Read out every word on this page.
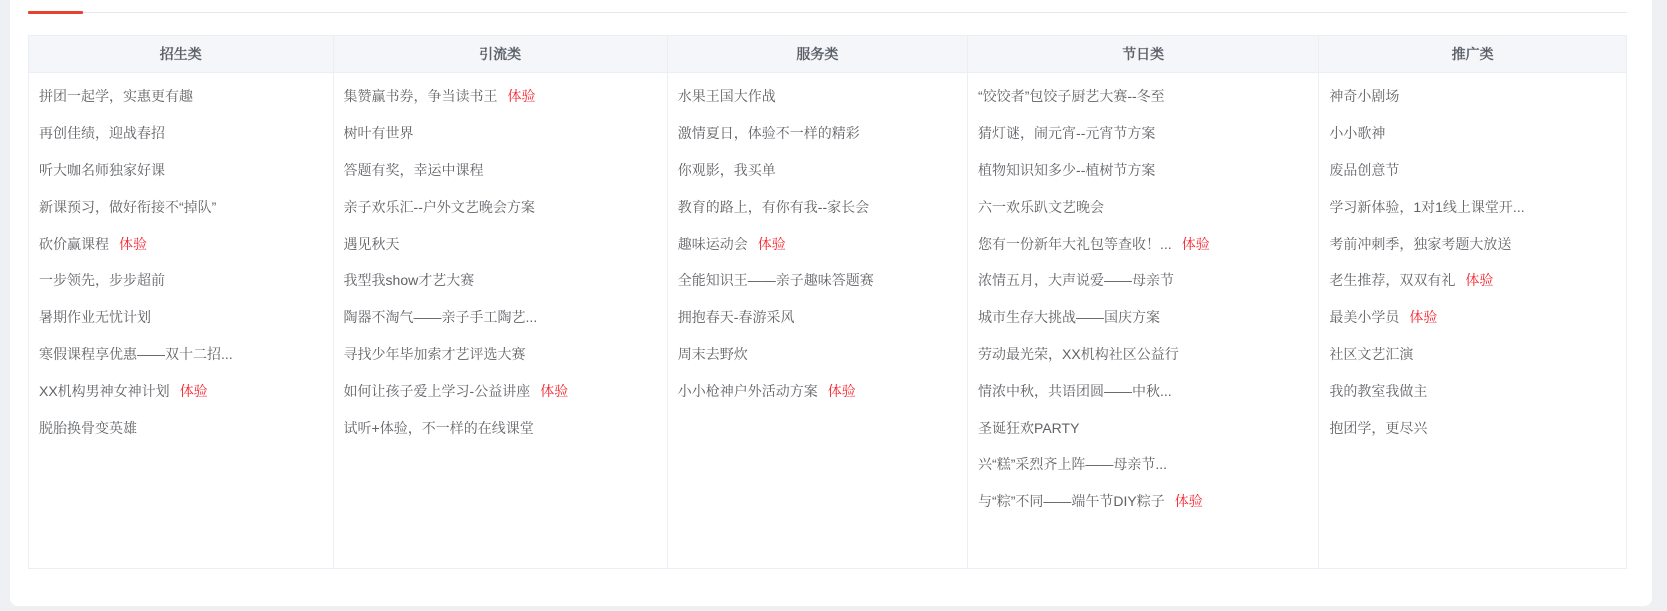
招生类
拼团一起学，实惠更有趣
再创佳绩，迎战春招
听大咖名师独家好课
新课预习，做好衔接不“掉队”
砍价赢课程 体验
一步领先，步步超前
暑期作业无忧计划
寒假课程享优惠——双十二招...
XX机构男神女神计划 体验
脱胎换骨变英雄
引流类
集赞赢书券，争当读书王 体验
树叶有世界
答题有奖，幸运中课程
亲子欢乐汇--户外文艺晚会方案
遇见秋天
我型我show才艺大赛
陶器不淘气——亲子手工陶艺...
寻找少年毕加索才艺评选大赛
如何让孩子爱上学习-公益讲座 体验
试听+体验，不一样的在线课堂
服务类
水果王国大作战
激情夏日，体验不一样的精彩
你观影，我买单
教育的路上，有你有我--家长会
趣味运动会 体验
全能知识王——亲子趣味答题赛
拥抱春天-春游采风
周末去野炊
小小枪神户外活动方案 体验
节日类
“饺饺者”包饺子厨艺大赛--冬至
猜灯谜，闹元宵--元宵节方案
植物知识知多少--植树节方案
六一欢乐趴文艺晚会
您有一份新年大礼包等查收！... 体验
浓情五月，大声说爱——母亲节
城市生存大挑战——国庆方案
劳动最光荣，XX机构社区公益行
情浓中秋，共语团圆——中秋...
圣诞狂欢PARTY
兴“糕”采烈齐上阵——母亲节...
与“粽”不同——端午节DIY粽子 体验
推广类
神奇小剧场
小小歌神
废品创意节
学习新体验，1对1线上课堂开...
考前冲刺季，独家考题大放送
老生推荐，双双有礼 体验
最美小学员 体验
社区文艺汇演
我的教室我做主
抱团学，更尽兴
